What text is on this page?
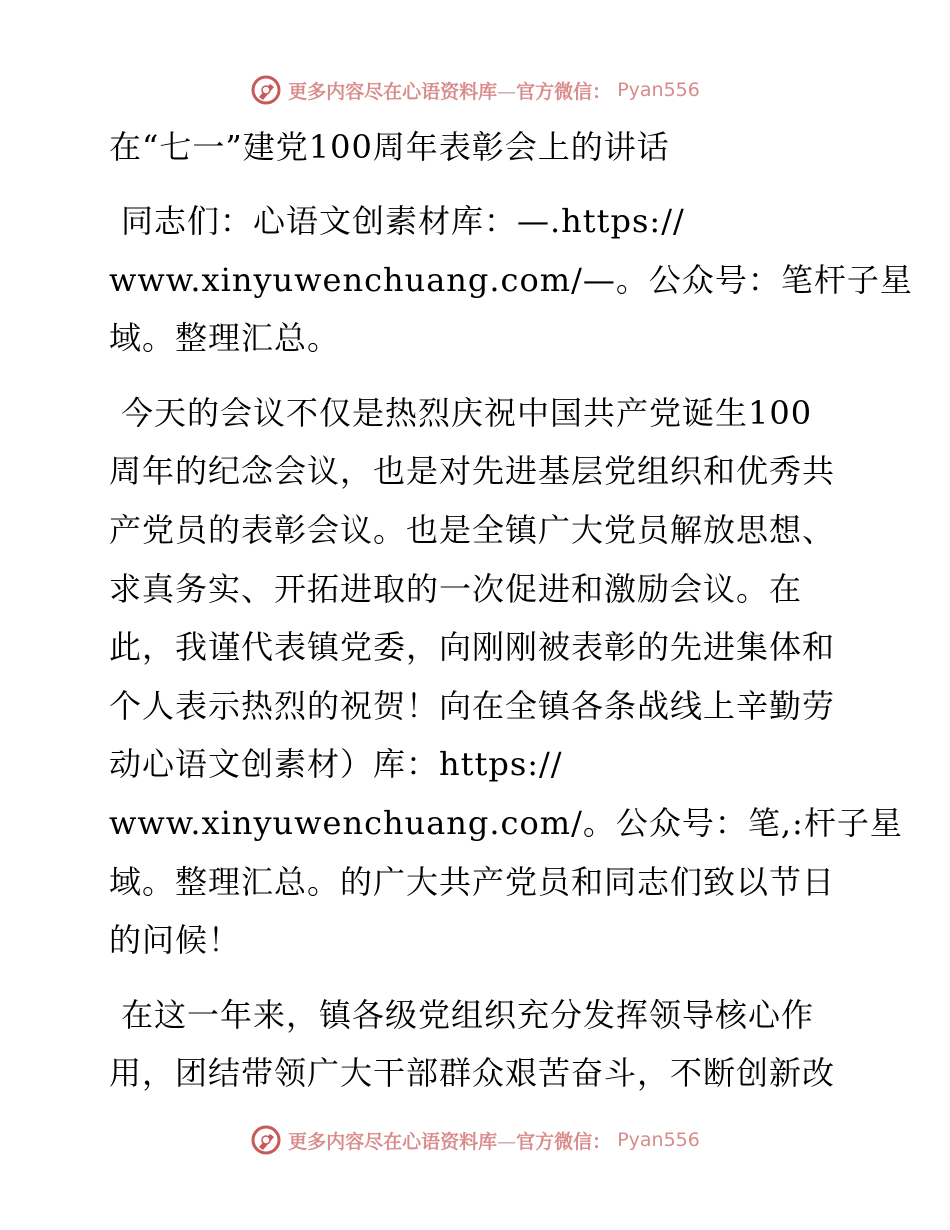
更多内容尽在心语资料库—官方微信： Pyan556
在“七一”建党100周年表彰会上的讲话

同志们：心语文创素材库：—.https://
www.xinyuwenchuang.com/—。公众号：笔杆子星
域。整理汇总。

今天的会议不仅是热烈庆祝中国共产党诞生100
周年的纪念会议，也是对先进基层党组织和优秀共
产党员的表彰会议。也是全镇广大党员解放思想、
求真务实、开拓进取的一次促进和激励会议。在
此，我谨代表镇党委，向刚刚被表彰的先进集体和
个人表示热烈的祝贺！向在全镇各条战线上辛勤劳
动心语文创素材）库：https://
www.xinyuwenchuang.com/。公众号：笔,:杆子星
域。整理汇总。的广大共产党员和同志们致以节日
的问候！

在这一年来，镇各级党组织充分发挥领导核心作
用，团结带领广大干部群众艰苦奋斗，不断创新改

更多内容尽在心语资料库—官方微信： Pyan556
